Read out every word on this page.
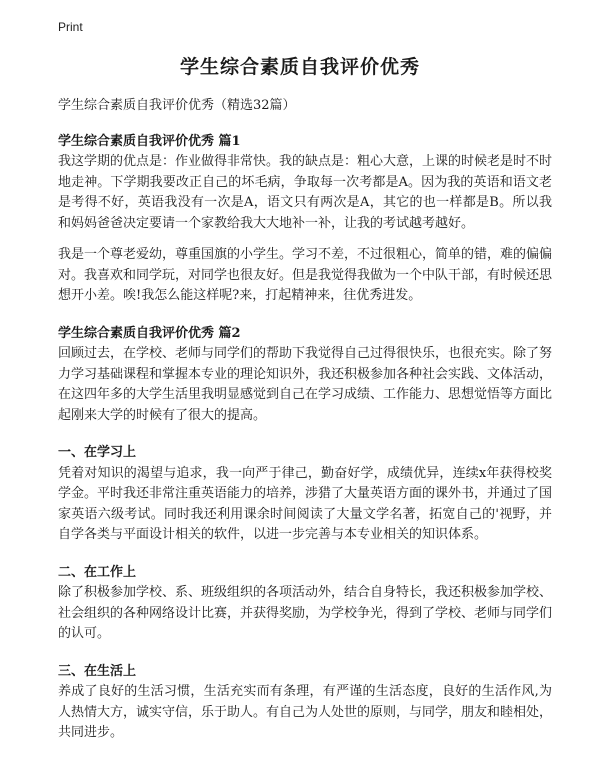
Print
学生综合素质自我评价优秀

学生综合素质自我评价优秀（精选32篇）

学生综合素质自我评价优秀 篇1

我这学期的优点是：作业做得非常快。我的缺点是：粗心大意，上课的时候老是时不时地走神。下学期我要改正自己的坏毛病，争取每一次考都是A。因为我的英语和语文老是考得不好，英语我没有一次是A，语文只有两次是A，其它的也一样都是B。所以我和妈妈爸爸决定要请一个家教给我大大地补一补，让我的考试越考越好。

我是一个尊老爱幼，尊重国旗的小学生。学习不差，不过很粗心，简单的错，难的偏偏对。我喜欢和同学玩，对同学也很友好。但是我觉得我做为一个中队干部，有时候还思想开小差。唉!我怎么能这样呢?来，打起精神来，往优秀进发。

学生综合素质自我评价优秀 篇2

回顾过去，在学校、老师与同学们的帮助下我觉得自己过得很快乐，也很充实。除了努力学习基础课程和掌握本专业的理论知识外，我还积极参加各种社会实践、文体活动，在这四年多的大学生活里我明显感觉到自己在学习成绩、工作能力、思想觉悟等方面比起刚来大学的时候有了很大的提高。

一、在学习上

凭着对知识的渴望与追求，我一向严于律己，勤奋好学，成绩优异，连续x年获得校奖学金。平时我还非常注重英语能力的培养，涉猎了大量英语方面的课外书，并通过了国家英语六级考试。同时我还利用课余时间阅读了大量文学名著，拓宽自己的'视野，并自学各类与平面设计相关的软件，以进一步完善与本专业相关的知识体系。

二、在工作上

除了积极参加学校、系、班级组织的各项活动外，结合自身特长，我还积极参加学校、社会组织的各种网络设计比赛，并获得奖励，为学校争光，得到了学校、老师与同学们的认可。

三、在生活上

养成了良好的生活习惯，生活充实而有条理，有严谨的生活态度，良好的生活作风,为人热情大方，诚实守信，乐于助人。有自己为人处世的原则，与同学，朋友和睦相处，共同进步。
